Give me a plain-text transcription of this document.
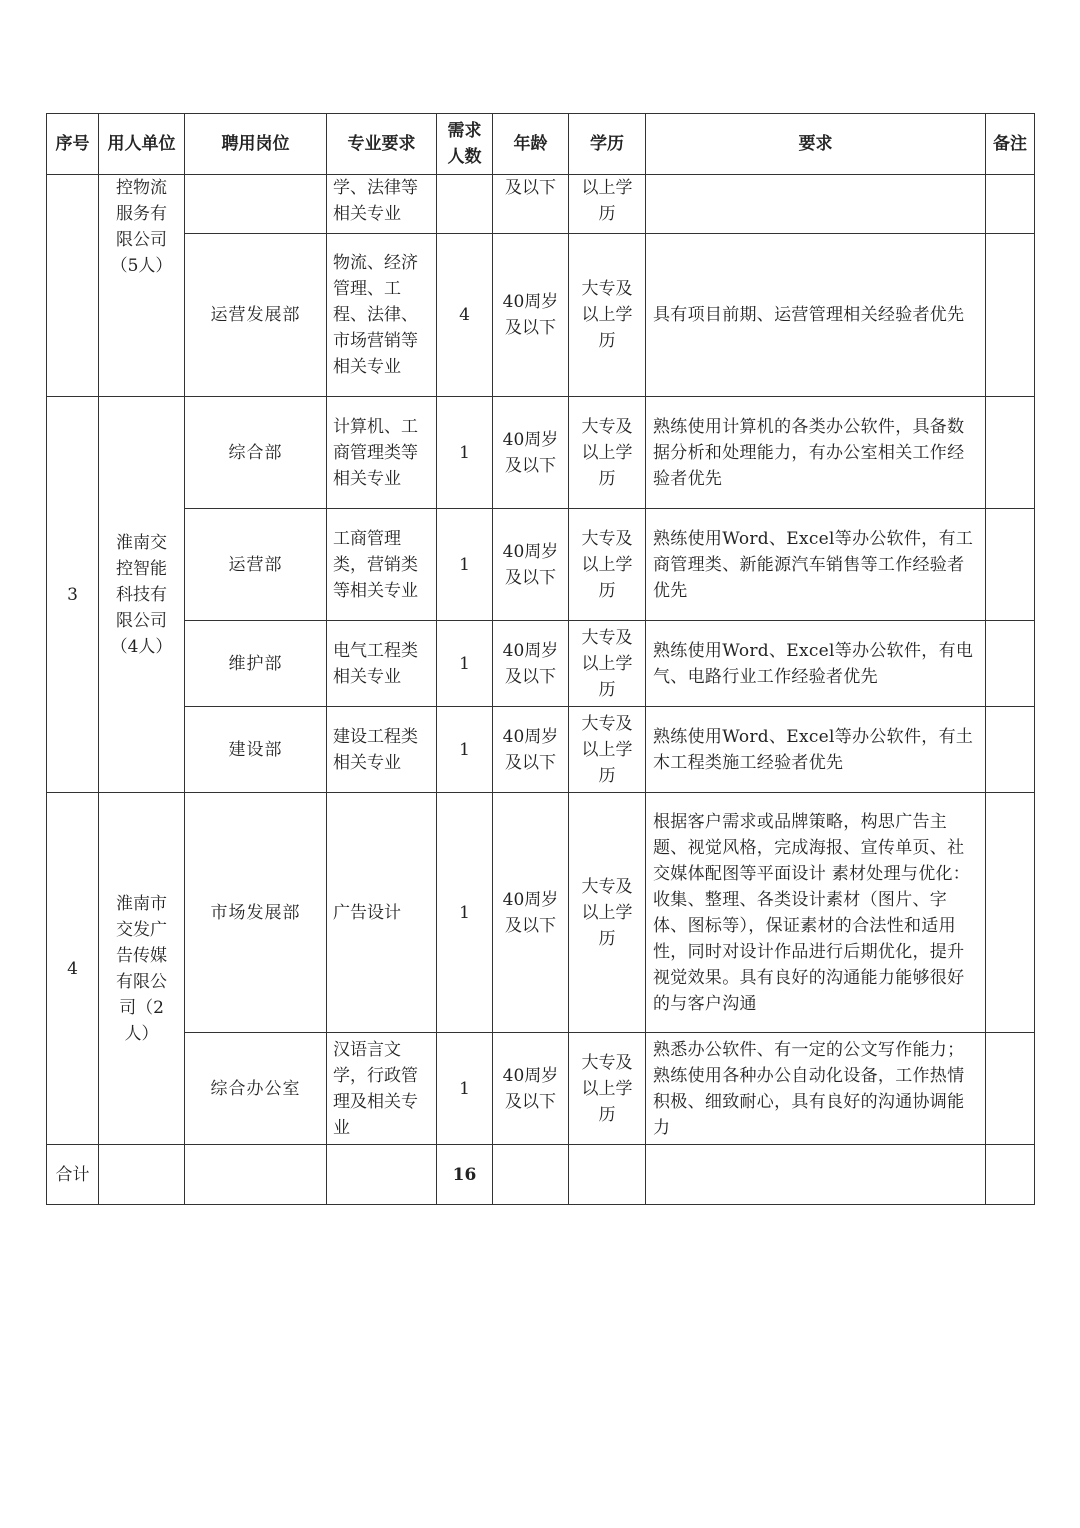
序号	用人单位	聘用岗位	专业要求	需求人数	年龄	学历	要求	备注
	控物流服务有限公司（5人）		学、法律等相关专业		及以下	以上学历		
		运营发展部	物流、经济管理、工程、法律、市场营销等相关专业	4	40周岁及以下	大专及以上学历	具有项目前期、运营管理相关经验者优先	
3	淮南交控智能科技有限公司（4人）	综合部	计算机、工商管理类等相关专业	1	40周岁及以下	大专及以上学历	熟练使用计算机的各类办公软件，具备数据分析和处理能力，有办公室相关工作经验者优先	
		运营部	工商管理类，营销类等相关专业	1	40周岁及以下	大专及以上学历	熟练使用Word、Excel等办公软件，有工商管理类、新能源汽车销售等工作经验者优先	
		维护部	电气工程类相关专业	1	40周岁及以下	大专及以上学历	熟练使用Word、Excel等办公软件，有电气、电路行业工作经验者优先	
		建设部	建设工程类相关专业	1	40周岁及以下	大专及以上学历	熟练使用Word、Excel等办公软件，有土木工程类施工经验者优先	
4	淮南市交发广告传媒有限公司（2人）	市场发展部	广告设计	1	40周岁及以下	大专及以上学历	根据客户需求或品牌策略，构思广告主题、视觉风格，完成海报、宣传单页、社交媒体配图等平面设计 素材处理与优化：收集、整理、各类设计素材（图片、字体、图标等），保证素材的合法性和适用性，同时对设计作品进行后期优化，提升视觉效果。具有良好的沟通能力能够很好的与客户沟通	
		综合办公室	汉语言文学，行政管理及相关专业	1	40周岁及以下	大专及以上学历	熟悉办公软件、有一定的公文写作能力；熟练使用各种办公自动化设备，工作热情积极、细致耐心，具有良好的沟通协调能力	
合计				16				
